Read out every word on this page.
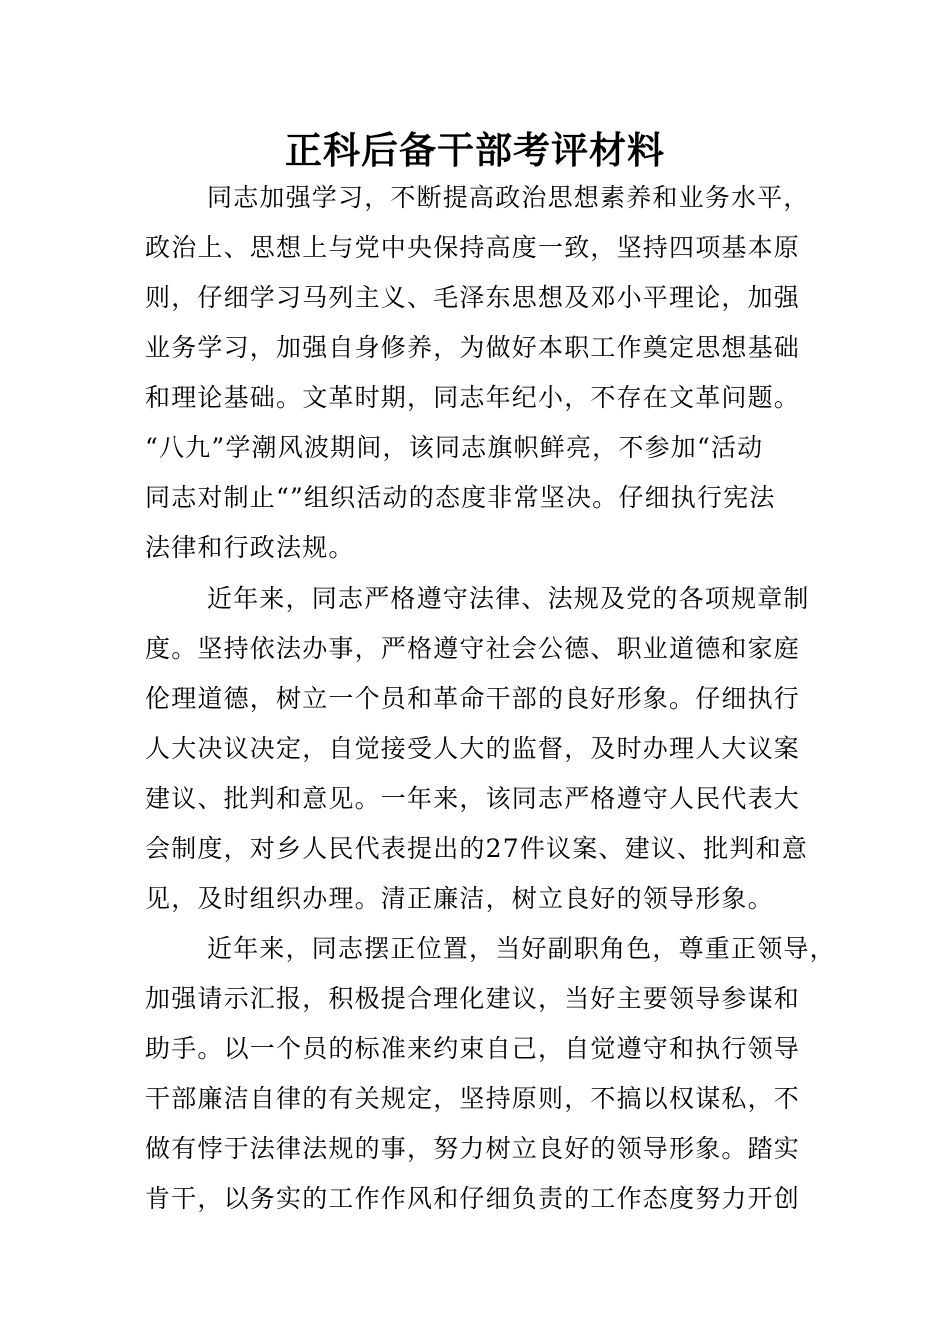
正科后备干部考评材料
同志加强学习，不断提高政治思想素养和业务水平，
政治上、思想上与党中央保持高度一致，坚持四项基本原
则，仔细学习马列主义、毛泽东思想及邓小平理论，加强
业务学习，加强自身修养，为做好本职工作奠定思想基础
和理论基础。文革时期，同志年纪小，不存在文革问题。
“八九”学潮风波期间，该同志旗帜鲜亮，不参加“活动
同志对制止“”组织活动的态度非常坚决。仔细执行宪法
法律和行政法规。
近年来，同志严格遵守法律、法规及党的各项规章制
度。坚持依法办事，严格遵守社会公德、职业道德和家庭
伦理道德，树立一个员和革命干部的良好形象。仔细执行
人大决议决定，自觉接受人大的监督，及时办理人大议案
建议、批判和意见。一年来，该同志严格遵守人民代表大
会制度，对乡人民代表提出的27件议案、建议、批判和意
见，及时组织办理。清正廉洁，树立良好的领导形象。
近年来，同志摆正位置，当好副职角色，尊重正领导，
加强请示汇报，积极提合理化建议，当好主要领导参谋和
助手。以一个员的标准来约束自己，自觉遵守和执行领导
干部廉洁自律的有关规定，坚持原则，不搞以权谋私，不
做有悖于法律法规的事，努力树立良好的领导形象。踏实
肯干，以务实的工作作风和仔细负责的工作态度努力开创
